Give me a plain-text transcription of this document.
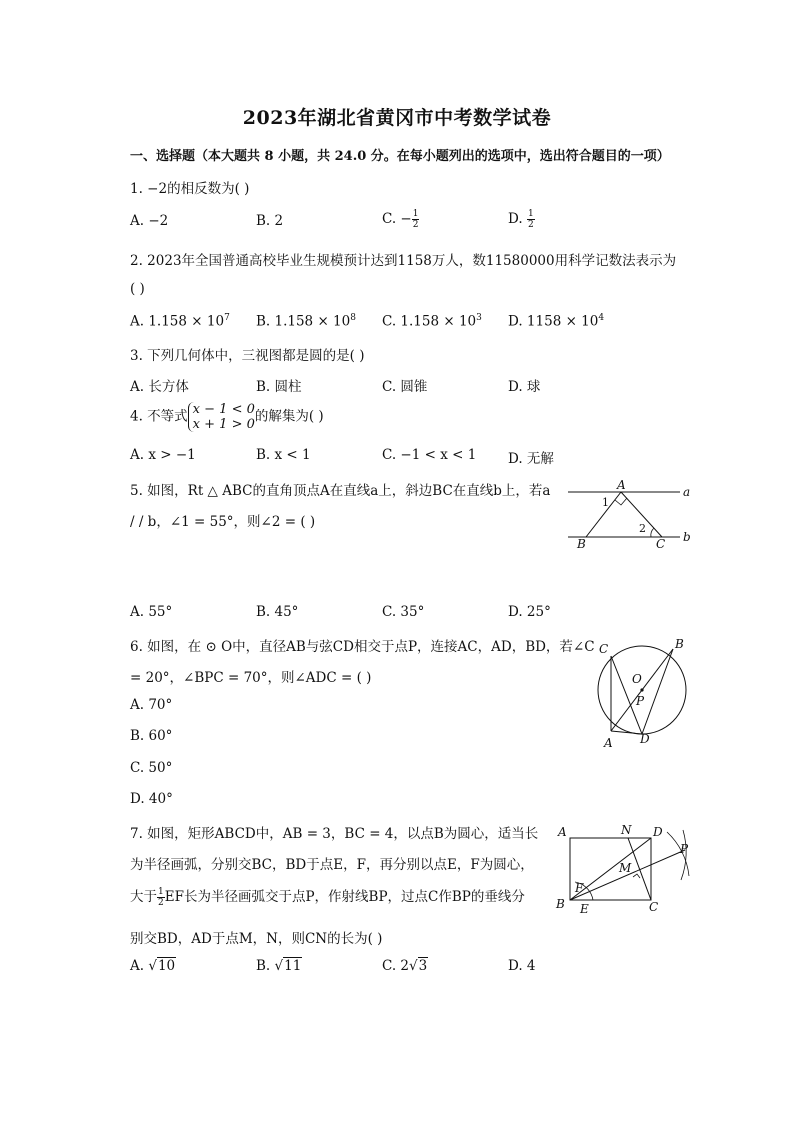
2023年湖北省黄冈市中考数学试卷
一、选择题（本大题共 8 小题，共 24.0 分。在每小题列出的选项中，选出符合题目的一项）
1. −2的相反数为( )
A. −2	B. 2	C. − $\frac{1}{2}$	D. $\frac{1}{2}$
2. 2023年全国普通高校毕业生规模预计达到1158万人，数11580000用科学记数法表示为
( )
A. $1.158 \times 10^7$ B. $1.158 \times 10^8$ C. $1.158 \times 10^3$ D. $1158 \times 10^4$
3. 下列几何体中，三视图都是圆的是( )
A. 长方体	B. 圆柱	C. 圆锥	D. 球
4. 不等式 x − 1 < 0
x + 1 > 0 的解集为( )
A. x > −1	B. x < 1	C. −1 < x < 1 D. 无解
5. 如图，Rt △ ABC的直角顶点A在直线a上，斜边BC在直线b上，若a
/ / b，∠1 = 55°，则∠2 = ( )
A	a
1
2
B	C b
A. 55°	B. 45°	C. 35°	D. 25°
6. 如图，在 ⊙ O中，直径AB与弦CD相交于点P，连接AC，AD，BD，若∠C
= 20°，∠BPC = 70°，则∠ADC = ( )
C	B
O
P
A D
A. 70°
B. 60°
C. 50°
D. 40°
7. 如图，矩形ABCD中，AB = 3，BC = 4，以点B为圆心，适当长
为半径画弧，分别交BC，BD于点E，F，再分别以点E，F为圆心，
大于 $\frac{1}{2}$ EF长为半径画弧交于点P，作射线BP，过点C作BP的垂线分
别交BD，AD于点M，N，则CN的长为( )
A	N D
P
M
F
B E	C
A. √10	B. √11	C. 2√3	D. 4
